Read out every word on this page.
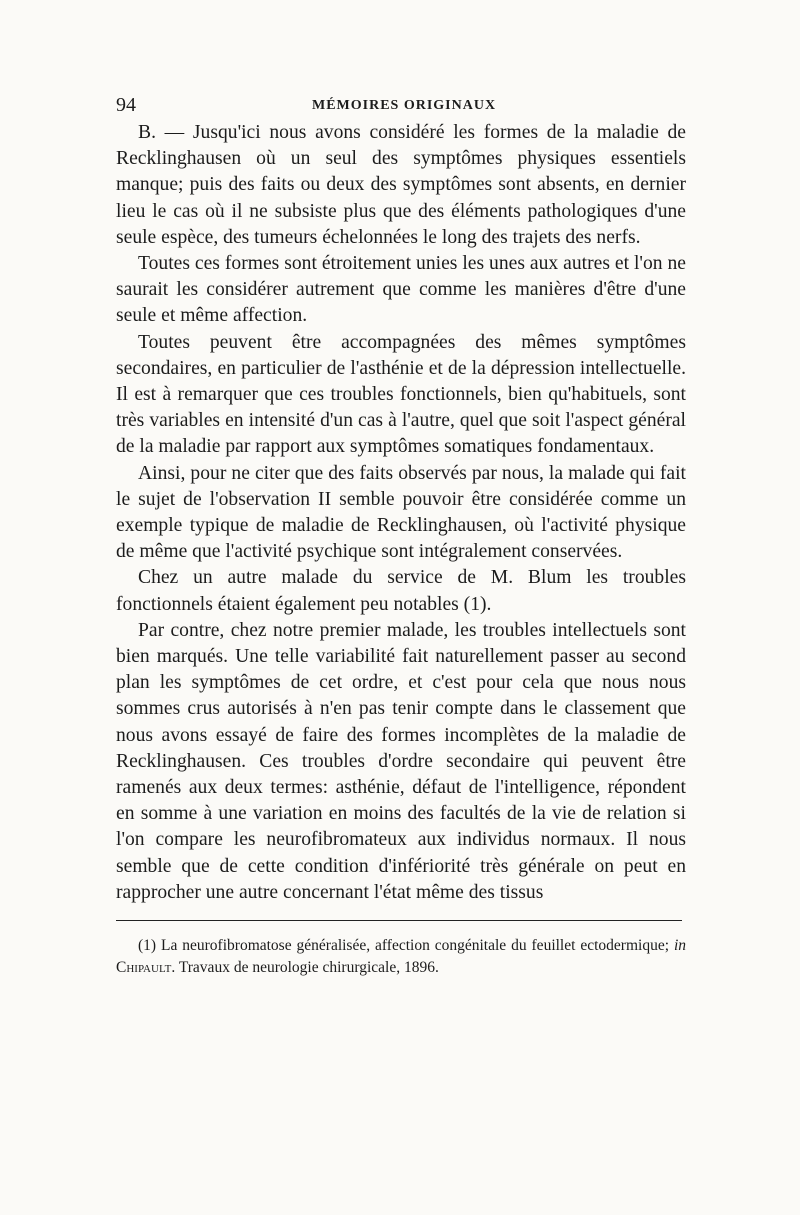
94	MÉMOIRES ORIGINAUX

B. — Jusqu'ici nous avons considéré les formes de la maladie de Recklinghausen où un seul des symptômes physiques essentiels manque; puis des faits ou deux des symptômes sont absents, en dernier lieu le cas où il ne subsiste plus que des éléments pathologiques d'une seule espèce, des tumeurs échelonnées le long des trajets des nerfs.

Toutes ces formes sont étroitement unies les unes aux autres et l'on ne saurait les considérer autrement que comme les manières d'être d'une seule et même affection.

Toutes peuvent être accompagnées des mêmes symptômes secondaires, en particulier de l'asthénie et de la dépression intellectuelle. Il est à remarquer que ces troubles fonctionnels, bien qu'habituels, sont très variables en intensité d'un cas à l'autre, quel que soit l'aspect général de la maladie par rapport aux symptômes somatiques fondamentaux.

Ainsi, pour ne citer que des faits observés par nous, la malade qui fait le sujet de l'observation II semble pouvoir être considérée comme un exemple typique de maladie de Recklinghausen, où l'activité physique de même que l'activité psychique sont intégralement conservées.

Chez un autre malade du service de M. Blum les troubles fonctionnels étaient également peu notables (1).

Par contre, chez notre premier malade, les troubles intellectuels sont bien marqués. Une telle variabilité fait naturellement passer au second plan les symptômes de cet ordre, et c'est pour cela que nous nous sommes crus autorisés à n'en pas tenir compte dans le classement que nous avons essayé de faire des formes incomplètes de la maladie de Recklinghausen. Ces troubles d'ordre secondaire qui peuvent être ramenés aux deux termes: asthénie, défaut de l'intelligence, répondent en somme à une variation en moins des facultés de la vie de relation si l'on compare les neurofibromateux aux individus normaux. Il nous semble que de cette condition d'infériorité très générale on peut en rapprocher une autre concernant l'état même des tissus

(1) La neurofibromatose généralisée, affection congénitale du feuillet ectodermique; in Chipault. Travaux de neurologie chirurgicale, 1896.
